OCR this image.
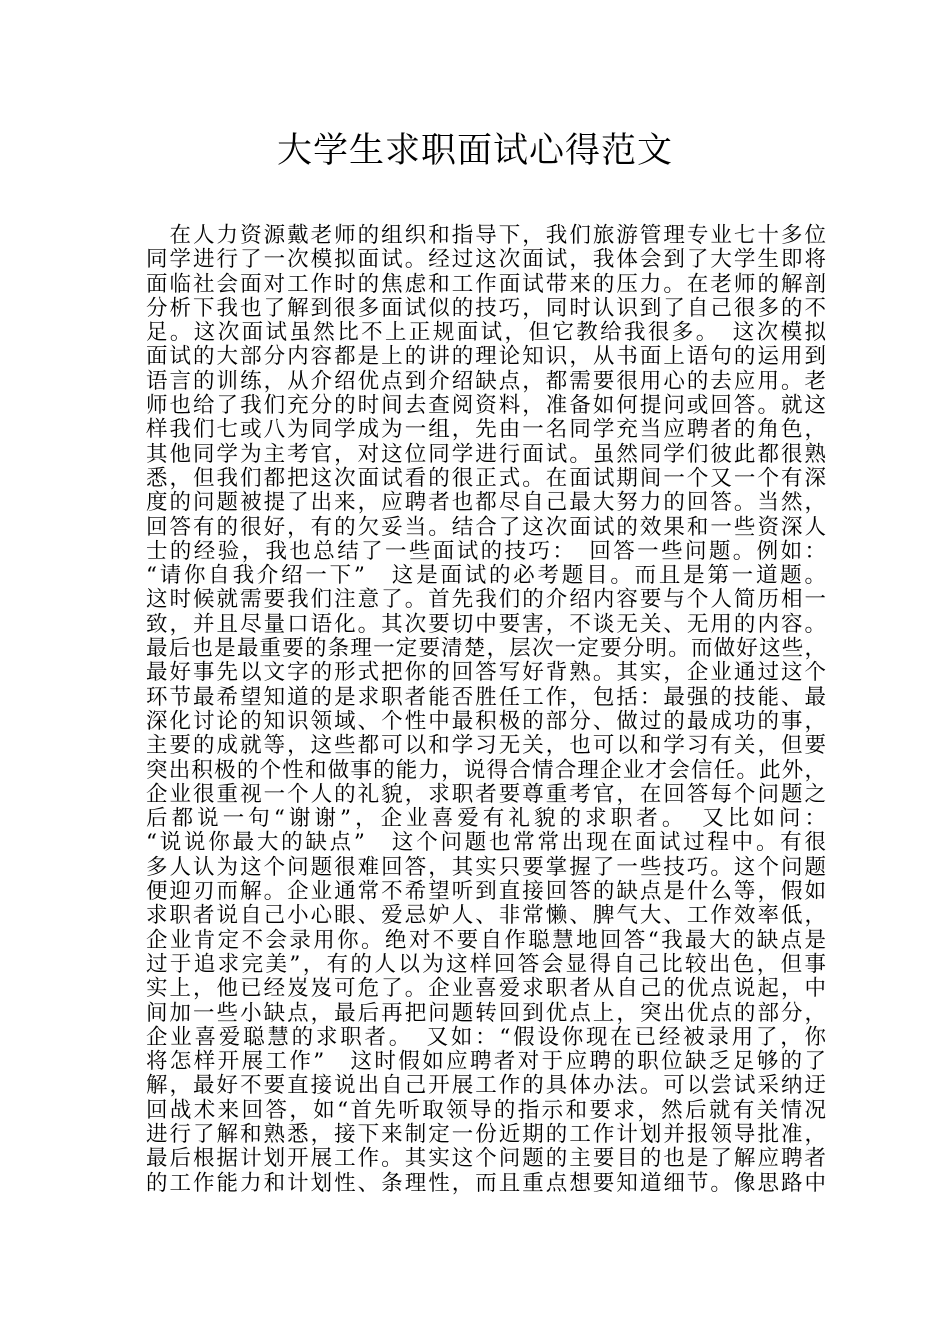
大学生求职面试心得范文
　在人力资源戴老师的组织和指导下，我们旅游管理专业七十多位
同学进行了一次模拟面试。经过这次面试，我体会到了大学生即将
面临社会面对工作时的焦虑和工作面试带来的压力。在老师的解剖
分析下我也了解到很多面试似的技巧，同时认识到了自己很多的不
足。这次面试虽然比不上正规面试，但它教给我很多。　这次模拟
面试的大部分内容都是上的讲的理论知识，从书面上语句的运用到
语言的训练，从介绍优点到介绍缺点，都需要很用心的去应用。老
师也给了我们充分的时间去查阅资料，准备如何提问或回答。就这
样我们七或八为同学成为一组，先由一名同学充当应聘者的角色，
其他同学为主考官，对这位同学进行面试。虽然同学们彼此都很熟
悉，但我们都把这次面试看的很正式。在面试期间一个又一个有深
度的问题被提了出来，应聘者也都尽自己最大努力的回答。当然，
回答有的很好，有的欠妥当。结合了这次面试的效果和一些资深人
士的经验，我也总结了一些面试的技巧：　回答一些问题。例如：
“请你自我介绍一下”　这是面试的必考题目。而且是第一道题。
这时候就需要我们注意了。首先我们的介绍内容要与个人简历相一
致，并且尽量口语化。其次要切中要害，不谈无关、无用的内容。
最后也是最重要的条理一定要清楚，层次一定要分明。而做好这些，
最好事先以文字的形式把你的回答写好背熟。其实，企业通过这个
环节最希望知道的是求职者能否胜任工作，包括：最强的技能、最
深化讨论的知识领域、个性中最积极的部分、做过的最成功的事，
主要的成就等，这些都可以和学习无关，也可以和学习有关，但要
突出积极的个性和做事的能力，说得合情合理企业才会信任。此外，
企业很重视一个人的礼貌，求职者要尊重考官，在回答每个问题之
后都说一句“谢谢”，企业喜爱有礼貌的求职者。　又比如问：
“说说你最大的缺点”　这个问题也常常出现在面试过程中。有很
多人认为这个问题很难回答，其实只要掌握了一些技巧。这个问题
便迎刃而解。企业通常不希望听到直接回答的缺点是什么等，假如
求职者说自己小心眼、爱忌妒人、非常懒、脾气大、工作效率低，
企业肯定不会录用你。绝对不要自作聪慧地回答“我最大的缺点是
过于追求完美”，有的人以为这样回答会显得自己比较出色，但事
实上，他已经岌岌可危了。企业喜爱求职者从自己的优点说起，中
间加一些小缺点，最后再把问题转回到优点上，突出优点的部分，
企业喜爱聪慧的求职者。　又如：“假设你现在已经被录用了，你
将怎样开展工作”　这时假如应聘者对于应聘的职位缺乏足够的了
解，最好不要直接说出自己开展工作的具体办法。可以尝试采纳迂
回战术来回答，如“首先听取领导的指示和要求，然后就有关情况
进行了解和熟悉，接下来制定一份近期的工作计划并报领导批准，
最后根据计划开展工作。其实这个问题的主要目的也是了解应聘者
的工作能力和计划性、条理性，而且重点想要知道细节。像思路中
